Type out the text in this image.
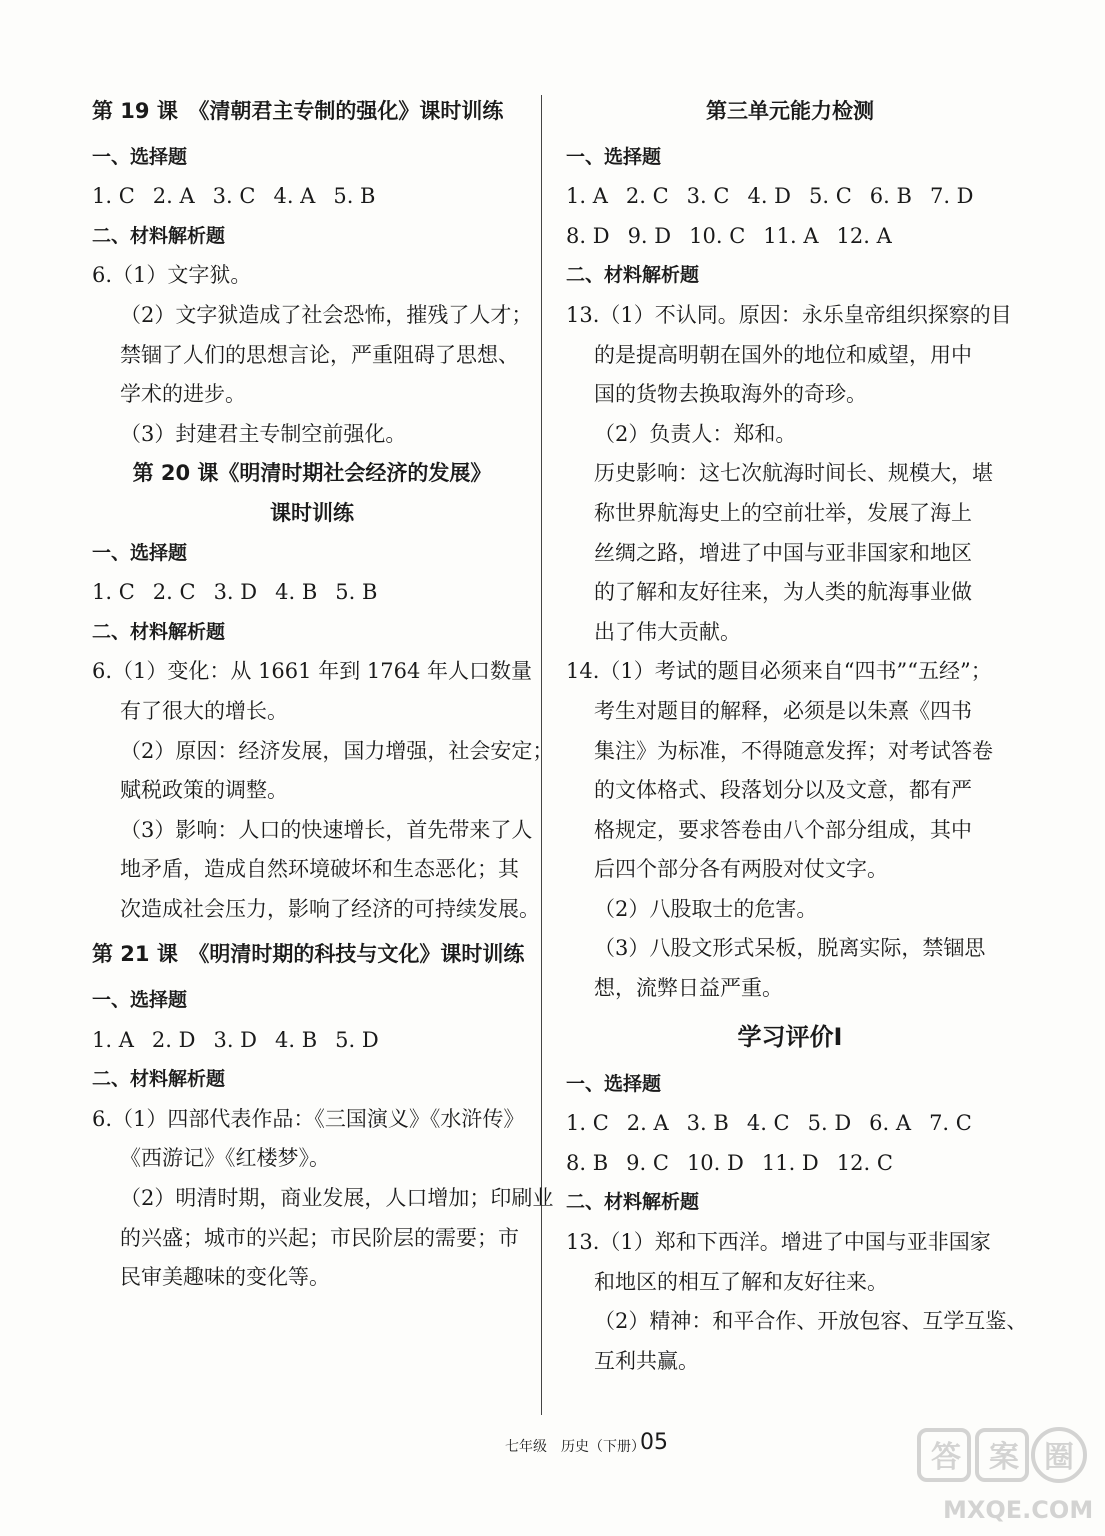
第 19 课　《清朝君主专制的强化》课时训练
一、选择题
1. C 2. A 3. C 4. A 5. B
二、材料解析题
6.（1）文字狱。
（2）文字狱造成了社会恐怖，摧残了人才；
禁锢了人们的思想言论，严重阻碍了思想、
学术的进步。
（3）封建君主专制空前强化。
第 20 课《明清时期社会经济的发展》
课时训练
一、选择题
1. C 2. C 3. D 4. B 5. B
二、材料解析题
6.（1）变化：从 1661 年到 1764 年人口数量
有了很大的增长。
（2）原因：经济发展，国力增强，社会安定；
赋税政策的调整。
（3）影响：人口的快速增长，首先带来了人
地矛盾，造成自然环境破坏和生态恶化；其
次造成社会压力，影响了经济的可持续发展。
第 21 课　《明清时期的科技与文化》课时训练
一、选择题
1. A 2. D 3. D 4. B 5. D
二、材料解析题
6.（1）四部代表作品：《三国演义》《水浒传》
《西游记》《红楼梦》。
（2）明清时期，商业发展，人口增加；印刷业
的兴盛；城市的兴起；市民阶层的需要；市
民审美趣味的变化等。
第三单元能力检测
一、选择题
1. A 2. C 3. C 4. D 5. C 6. B 7. D
8. D 9. D 10. C 11. A 12. A
二、材料解析题
13.（1）不认同。原因：永乐皇帝组织探察的目
的是提高明朝在国外的地位和威望，用中
国的货物去换取海外的奇珍。
（2）负责人：郑和。
历史影响：这七次航海时间长、规模大，堪
称世界航海史上的空前壮举，发展了海上
丝绸之路，增进了中国与亚非国家和地区
的了解和友好往来，为人类的航海事业做
出了伟大贡献。
14.（1）考试的题目必须来自“四书”“五经”；
考生对题目的解释，必须是以朱熹《四书
集注》为标准，不得随意发挥；对考试答卷
的文体格式、段落划分以及文意，都有严
格规定，要求答卷由八个部分组成，其中
后四个部分各有两股对仗文字。
（2）八股取士的危害。
（3）八股文形式呆板，脱离实际，禁锢思
想，流弊日益严重。
学习评价Ⅰ
一、选择题
1. C 2. A 3. B 4. C 5. D 6. A 7. C
8. B 9. C 10. D 11. D 12. C
二、材料解析题
13.（1）郑和下西洋。增进了中国与亚非国家
和地区的相互了解和友好往来。
（2）精神：和平合作、开放包容、互学互鉴、
互利共赢。
七年级　历史（下册）
05	答 案 圈
MXQE.COM
